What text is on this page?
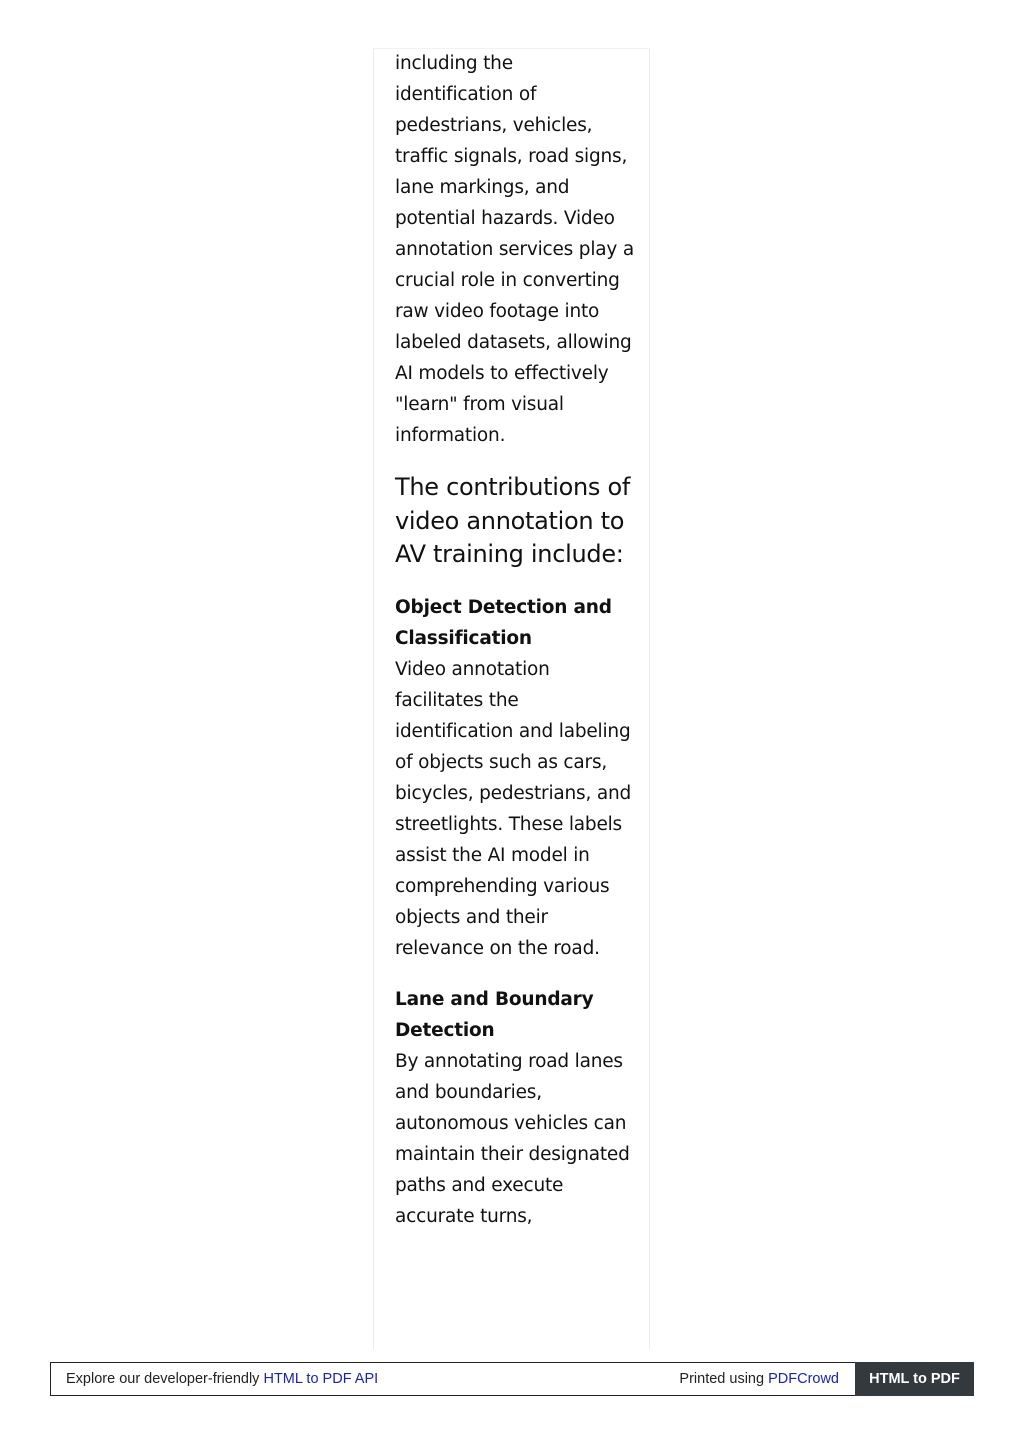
including the identification of pedestrians, vehicles, traffic signals, road signs, lane markings, and potential hazards. Video annotation services play a crucial role in converting raw video footage into labeled datasets, allowing AI models to effectively "learn" from visual information.

The contributions of video annotation to AV training include:

Object Detection and Classification

Video annotation facilitates the identification and labeling of objects such as cars, bicycles, pedestrians, and streetlights. These labels assist the AI model in comprehending various objects and their relevance on the road.

Lane and Boundary Detection

By annotating road lanes and boundaries, autonomous vehicles can maintain their designated paths and execute accurate turns,

Explore our developer-friendly HTML to PDF API	Printed using PDFCrowd	HTML to PDF
